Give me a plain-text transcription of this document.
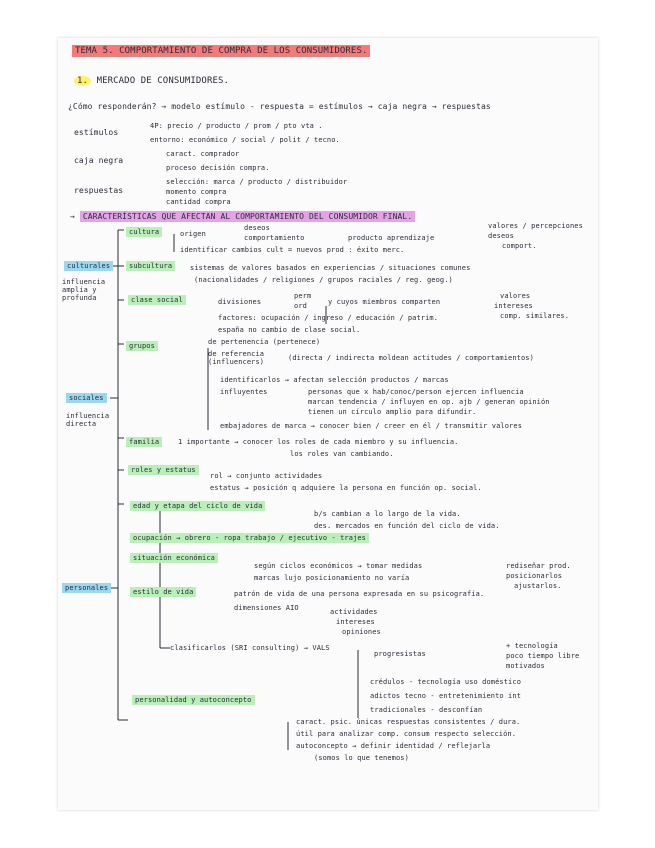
TEMA 5. COMPORTAMIENTO DE COMPRA DE LOS CONSUMIDORES.
1. MERCADO DE CONSUMIDORES.
¿Cómo responderán? → modelo estímulo - respuesta = estímulos → caja negra → respuestas
estímulos
4P: precio / producto / prom / pto vta .
entorno: económico / social / polit / tecno.
caja negra
caract. comprador
proceso decisión compra.
respuestas
selección: marca / producto / distribuidor
momento compra
cantidad compra
→ CARACTERÍSTICAS QUE AFECTAN AL COMPORTAMIENTO DEL CONSUMIDOR FINAL.
culturales
influencia amplia y profunda
cultura	origen
deseos
comportamiento	producto aprendizaje
valores / percepciones
deseos
comport.
identificar cambios cult = nuevos prod : éxito merc.
subcultura	sistemas de valores basados en experiencias / situaciones comunes
(nacionalidades / religiones / grupos raciales / reg. geog.)
clase social	divisiones
perm
ord	y cuyos miembros comparten
valores
intereses
comp. similares.
factores: ocupación / ingreso / educación / patrim.
españa no cambio de clase social.
sociales
influencia directa
grupos	de pertenencia (pertenece)
de referencia
(influencers)	(directa / indirecta moldean actitudes / comportamientos)
identificarlos → afectan selección productos / marcas
influyentes	personas que x hab/conoc/person ejercen influencia
marcan tendencia / influyen en op. ajb / generan opinión
tienen un círculo amplio para difundir.
embajadores de marca → conocer bien / creer en él / transmitir valores
familia	1 importante → conocer los roles de cada miembro y su influencia.
los roles van cambiando.
roles y estatus
rol → conjunto actividades
estatus → posición q adquiere la persona en función op. social.
personales
edad y etapa del ciclo de vida
b/s cambian a lo largo de la vida.
des. mercados en función del ciclo de vida.
ocupación → obrero - ropa trabajo / ejecutivo - trajes
situación económica
según ciclos económicos → tomar medidas
marcas lujo posicionamiento no varía
rediseñar prod.
posicionarlos
ajustarlos.
estilo de vida	patrón de vida de una persona expresada en su psicografía.
dimensiones AIO	actividades
intereses
opiniones
clasificarlos (SRI consulting) → VALS
progresistas
+ tecnología
poco tiempo libre
motivados
crédulos - tecnología uso doméstico
adictos tecno - entretenimiento int
tradicionales - desconfían
personalidad y autoconcepto
caract. psic. únicas respuestas consistentes / dura.
útil para analizar comp. consum respecto selección.
autoconcepto → definir identidad / reflejarla
(somos lo que tenemos)
